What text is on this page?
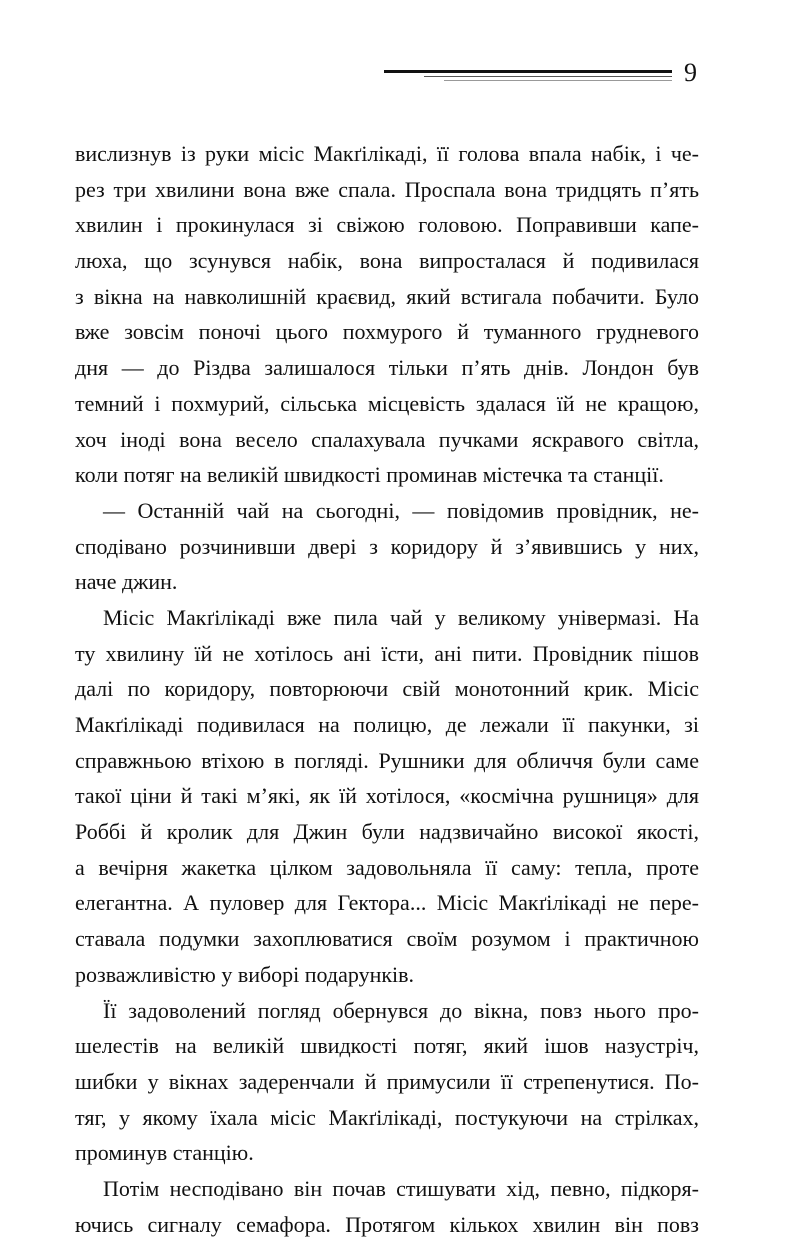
9
вислизнув із руки місіс Макґілікаді, її голова впала набік, і че-
рез три хвилини вона вже спала. Проспала вона тридцять п’ять
хвилин і прокинулася зі свіжою головою. Поправивши капе-
люха, що зсунувся набік, вона випросталася й подивилася
з вікна на навколишній краєвид, який встигала побачити. Було
вже зовсім поночі цього похмурого й туманного грудневого
дня — до Різдва залишалося тільки п’ять днів. Лондон був
темний і похмурий, сільська місцевість здалася їй не кращою,
хоч іноді вона весело спалахувала пучками яскравого світла,
коли потяг на великій швидкості проминав містечка та станції.
— Останній чай на сьогодні, — повідомив провідник, не-
сподівано розчинивши двері з коридору й з’явившись у них,
наче джин.
Місіс Макґілікаді вже пила чай у великому універмазі. На
ту хвилину їй не хотілось ані їсти, ані пити. Провідник пішов
далі по коридору, повторюючи свій монотонний крик. Місіс
Макґілікаді подивилася на полицю, де лежали її пакунки, зі
справжньою втіхою в погляді. Рушники для обличчя були саме
такої ціни й такі м’які, як їй хотілося, «космічна рушниця» для
Роббі й кролик для Джин були надзвичайно високої якості,
а вечірня жакетка цілком задовольняла її саму: тепла, проте
елегантна. А пуловер для Гектора... Місіс Макґілікаді не пере-
ставала подумки захоплюватися своїм розумом і практичною
розважливістю у виборі подарунків.
Її задоволений погляд обернувся до вікна, повз нього про-
шелестів на великій швидкості потяг, який ішов назустріч,
шибки у вікнах задеренчали й примусили її стрепенутися. По-
тяг, у якому їхала місіс Макґілікаді, постукуючи на стрілках,
проминув станцію.
Потім несподівано він почав стишувати хід, певно, підкоря-
ючись сигналу семафора. Протягом кількох хвилин він повз
